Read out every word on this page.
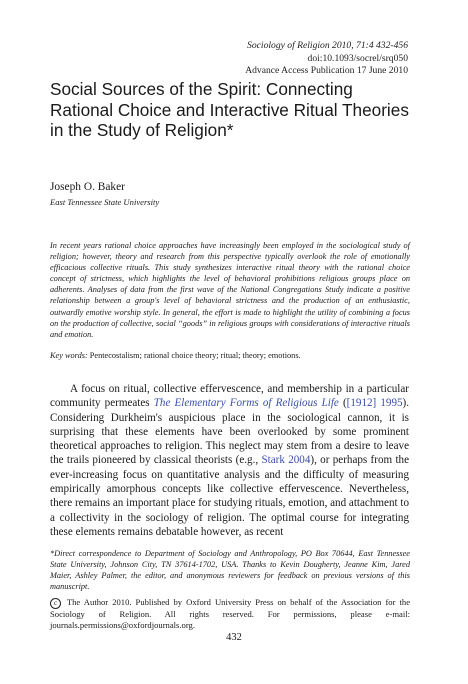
Sociology of Religion 2010, 71:4 432-456
doi:10.1093/socrel/srq050
Advance Access Publication 17 June 2010
Social Sources of the Spirit: Connecting Rational Choice and Interactive Ritual Theories in the Study of Religion*
Joseph O. Baker
East Tennessee State University
In recent years rational choice approaches have increasingly been employed in the sociological study of religion; however, theory and research from this perspective typically overlook the role of emotionally efficacious collective rituals. This study synthesizes interactive ritual theory with the rational choice concept of strictness, which highlights the level of behavioral prohibitions religious groups place on adherents. Analyses of data from the first wave of the National Congregations Study indicate a positive relationship between a group's level of behavioral strictness and the production of an enthusiastic, outwardly emotive worship style. In general, the effort is made to highlight the utility of combining a focus on the production of collective, social “goods” in religious groups with considerations of interactive rituals and emotion.
Key words: Pentecostalism; rational choice theory; ritual; theory; emotions.

A focus on ritual, collective effervescence, and membership in a particular community permeates The Elementary Forms of Religious Life ([1912] 1995). Considering Durkheim's auspicious place in the sociological cannon, it is surprising that these elements have been overlooked by some prominent theoretical approaches to religion. This neglect may stem from a desire to leave the trails pioneered by classical theorists (e.g., Stark 2004), or perhaps from the ever-increasing focus on quantitative analysis and the difficulty of measuring empirically amorphous concepts like collective effervescence. Nevertheless, there remains an important place for studying rituals, emotion, and attachment to a collectivity in the sociology of religion. The optimal course for integrating these elements remains debatable however, as recent

*Direct correspondence to Department of Sociology and Anthropology, PO Box 70644, East Tennessee State University, Johnson City, TN 37614-1702, USA. Thanks to Kevin Dougherty, Jeanne Kim, Jared Maier, Ashley Palmer, the editor, and anonymous reviewers for feedback on previous versions of this manuscript.
c The Author 2010. Published by Oxford University Press on behalf of the Association for the Sociology of Religion. All rights reserved. For permissions, please e-mail: journals.permissions@oxfordjournals.org.
432
